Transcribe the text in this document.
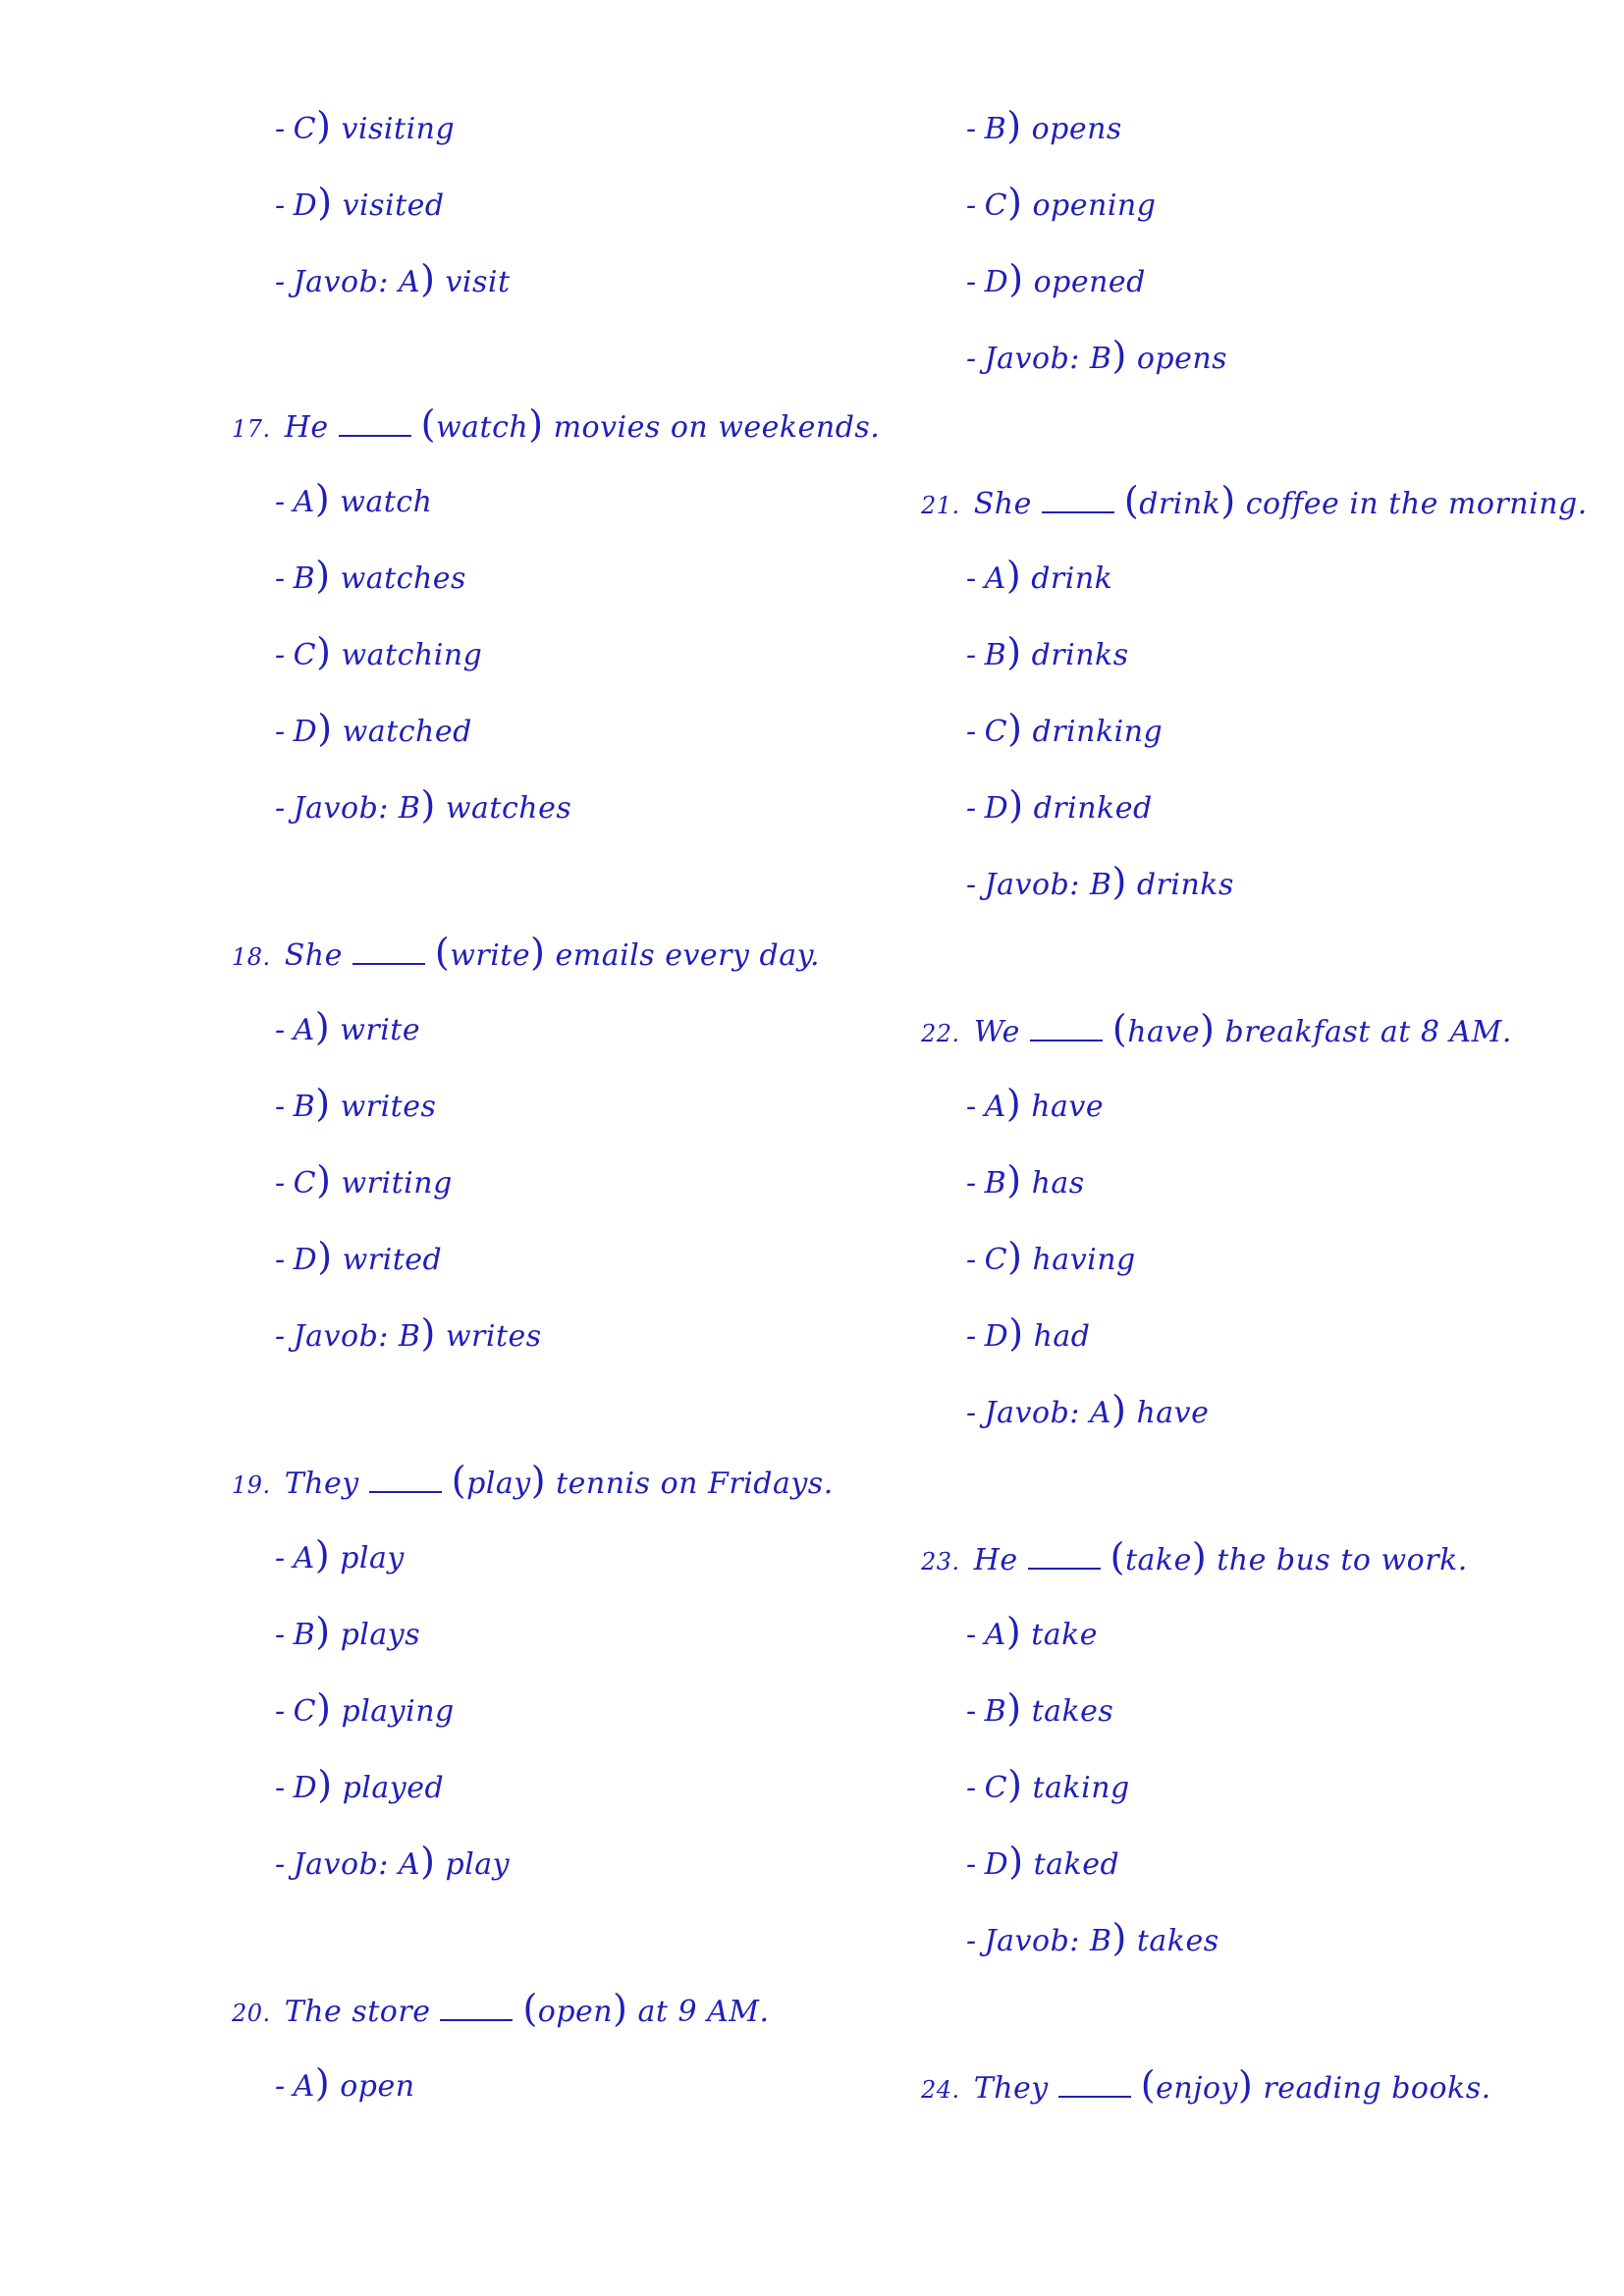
- C) visiting
- D) visited
- Javob: A) visit
17. He (watch) movies on weekends.
- A) watch
- B) watches
- C) watching
- D) watched
- Javob: B) watches
18. She (write) emails every day.
- A) write
- B) writes
- C) writing
- D) writed
- Javob: B) writes
19. They (play) tennis on Fridays.
- A) play
- B) plays
- C) playing
- D) played
- Javob: A) play
20. The store (open) at 9 AM.
- A) open
- B) opens
- C) opening
- D) opened
- Javob: B) opens
21. She (drink) coffee in the morning.
- A) drink
- B) drinks
- C) drinking
- D) drinked
- Javob: B) drinks
22. We (have) breakfast at 8 AM.
- A) have
- B) has
- C) having
- D) had
- Javob: A) have
23. He (take) the bus to work.
- A) take
- B) takes
- C) taking
- D) taked
- Javob: B) takes
24. They (enjoy) reading books.
